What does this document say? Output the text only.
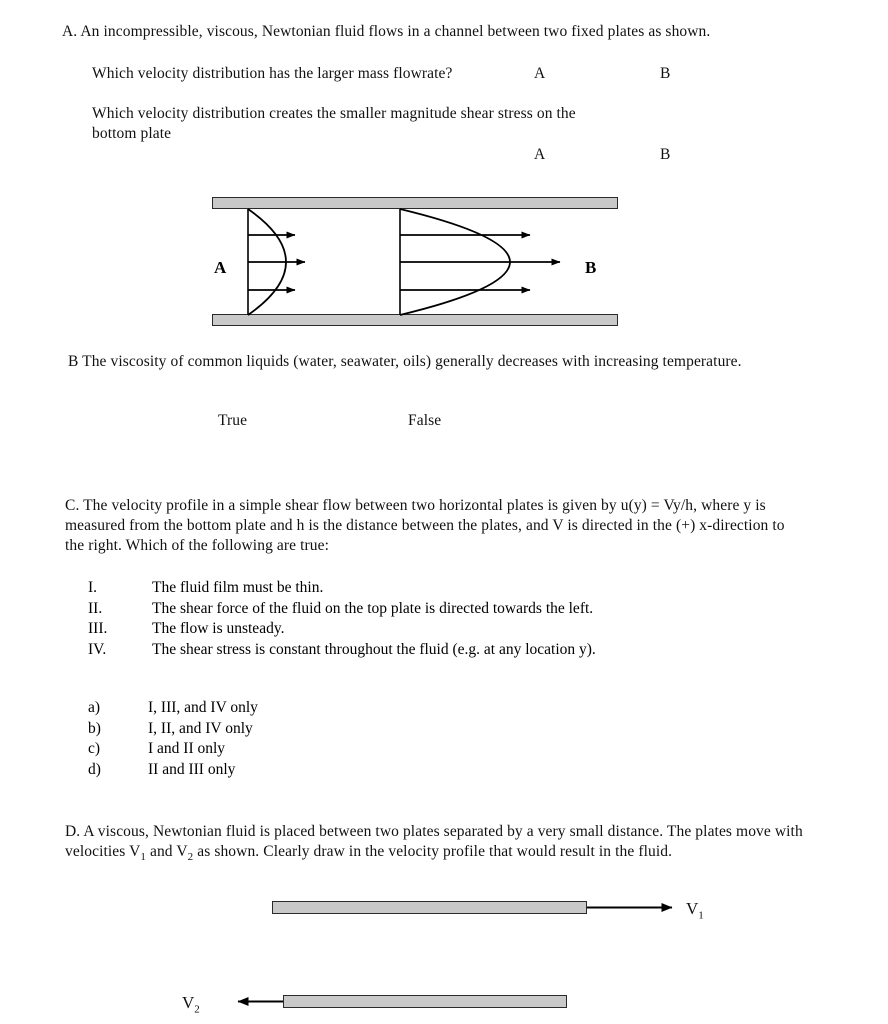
A. An incompressible, viscous, Newtonian fluid flows in a channel between two fixed plates as shown.
Which velocity distribution has the larger mass flowrate?	A	B
Which velocity distribution creates the smaller magnitude shear stress on the bottom plate
A	B
A	B
B The viscosity of common liquids (water, seawater, oils) generally decreases with increasing temperature.
True	False
C. The velocity profile in a simple shear flow between two horizontal plates is given by u(y) = Vy/h, where y is measured from the bottom plate and h is the distance between the plates, and V is directed in the (+) x-direction to the right. Which of the following are true:
I.	The fluid film must be thin.
II.	The shear force of the fluid on the top plate is directed towards the left.
III.	The flow is unsteady.
IV.	The shear stress is constant throughout the fluid (e.g. at any location y).
a)	I, III, and IV only
b)	I, II, and IV only
c)	I and II only
d)	II and III only
D. A viscous, Newtonian fluid is placed between two plates separated by a very small distance. The plates move with velocities $V_1$ and $V_2$ as shown. Clearly draw in the velocity profile that would result in the fluid.
$V_1$
$V_2$
